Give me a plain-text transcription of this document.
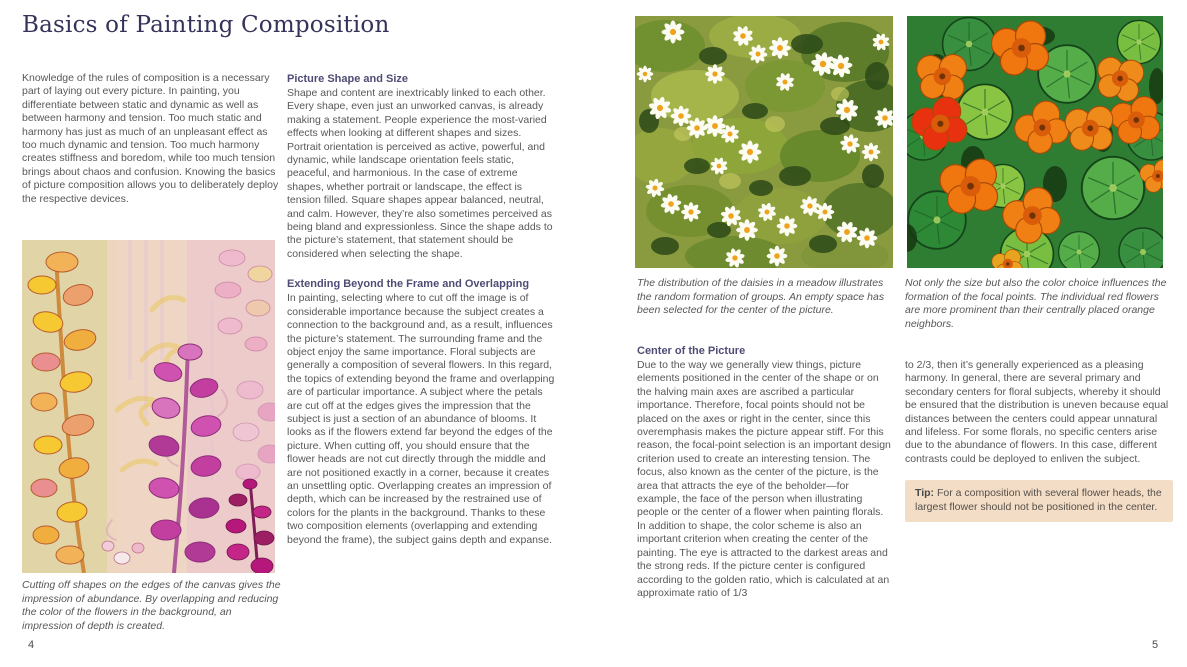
Basics of Painting Composition
Knowledge of the rules of composition is a necessary part of laying out every picture. In painting, you differentiate between static and dynamic as well as between harmony and tension. Too much static and harmony has just as much of an unpleasant effect as too much dynamic and tension. Too much harmony creates stiffness and boredom, while too much tension brings about chaos and confusion. Knowing the basics of picture composition allows you to deliberately deploy the respective devices.
Picture Shape and Size
Shape and content are inextricably linked to each other. Every shape, even just an unworked canvas, is already making a statement. People experience the most-varied effects when looking at different shapes and sizes. Portrait orientation is perceived as active, powerful, and dynamic, while landscape orientation feels static, peaceful, and harmonious. In the case of extreme shapes, whether portrait or landscape, the effect is tension filled. Square shapes appear balanced, neutral, and calm. However, they’re also sometimes perceived as being bland and expressionless. Since the shape adds to the picture’s statement, that statement should be considered when selecting the shape.
Extending Beyond the Frame and Overlapping
In painting, selecting where to cut off the image is of considerable importance because the subject creates a connection to the background and, as a result, influences the picture’s statement. The surrounding frame and the object enjoy the same importance. Floral subjects are generally a composition of several flowers. In this regard, the topics of extending beyond the frame and overlapping are of particular importance. A subject where the petals are cut off at the edges gives the impression that the subject is just a section of an abundance of blooms. It looks as if the flowers extend far beyond the edges of the picture. When cutting off, you should ensure that the flower heads are not cut directly through the middle and are not positioned exactly in a corner, because it creates an unsettling optic. Overlapping creates an impression of depth, which can be increased by the restrained use of colors for the plants in the background. Thanks to these two composition elements (overlapping and extending beyond the frame), the subject gains depth and expanse.
Cutting off shapes on the edges of the canvas gives the impression of abundance. By overlapping and reducing the color of the flowers in the background, an impression of depth is created.
4
The distribution of the daisies in a meadow illustrates the random formation of groups. An empty space has been selected for the center of the picture.
Not only the size but also the color choice influences the formation of the focal points. The individual red flowers are more prominent than their centrally placed orange neighbors.
Center of the Picture
Due to the way we generally view things, picture elements positioned in the center of the shape or on the halving main axes are ascribed a particular importance. Therefore, focal points should not be placed on the axes or right in the center, since this overemphasis makes the picture appear stiff. For this reason, the focal-point selection is an important design criterion used to create an interesting tension. The focus, also known as the center of the picture, is the area that attracts the eye of the beholder—for example, the face of the person when illustrating people or the center of a flower when painting florals. In addition to shape, the color scheme is also an important criterion when creating the center of the painting. The eye is attracted to the darkest areas and the strong reds. If the picture center is configured according to the golden ratio, which is calculated at an approximate ratio of 1/3
to 2/3, then it’s generally experienced as a pleasing harmony. In general, there are several primary and secondary centers for floral subjects, whereby it should be ensured that the distribution is uneven because equal distances between the centers could appear unnatural and lifeless. For some florals, no specific centers arise due to the abundance of flowers. In this case, different contrasts could be deployed to enliven the subject.
Tip: For a composition with several flower heads, the largest flower should not be positioned in the center.
5
